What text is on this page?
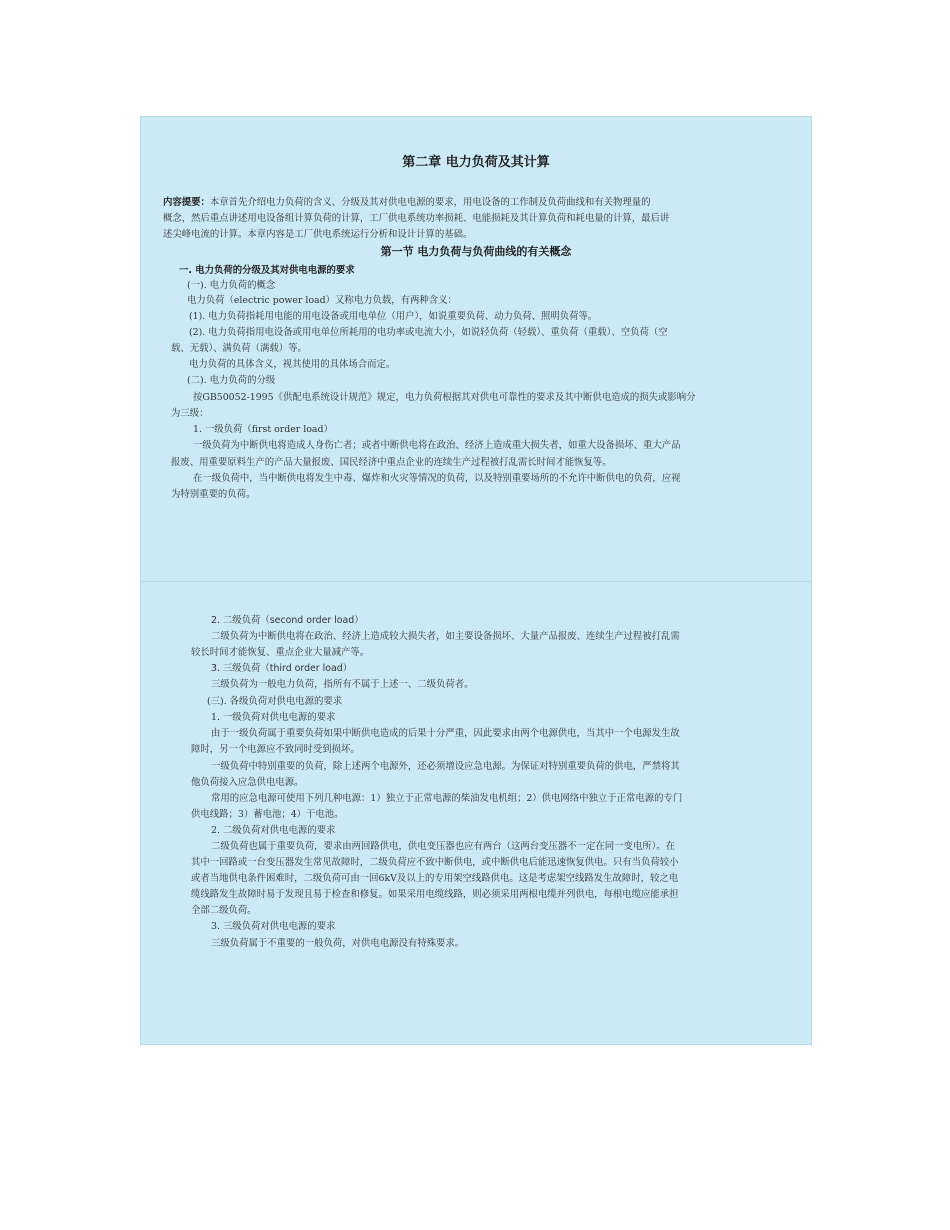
第二章 电力负荷及其计算
内容提要：本章首先介绍电力负荷的含义、分级及其对供电电源的要求，用电设备的工作制及负荷曲线和有关物理量的
概念，然后重点讲述用电设备组计算负荷的计算，工厂供电系统功率损耗、电能损耗及其计算负荷和耗电量的计算，最后讲
述尖峰电流的计算。本章内容是工厂供电系统运行分析和设计计算的基础。
第一节 电力负荷与负荷曲线的有关概念
一. 电力负荷的分级及其对供电电源的要求
(一). 电力负荷的概念
电力负荷（electric power load）又称电力负载，有两种含义：
(1). 电力负荷指耗用电能的用电设备或用电单位（用户），如说重要负荷、动力负荷、照明负荷等。
(2). 电力负荷指用电设备或用电单位所耗用的电功率或电流大小，如说轻负荷（轻载）、重负荷（重载）、空负荷（空
载、无载）、满负荷（满载）等。
电力负荷的具体含义，视其使用的具体场合而定。
(二). 电力负荷的分级
按GB50052-1995《供配电系统设计规范》规定，电力负荷根据其对供电可靠性的要求及其中断供电造成的损失或影响分
为三级：
1. 一级负荷（first order load）
一级负荷为中断供电将造成人身伤亡者；或者中断供电将在政治、经济上造成重大损失者，如重大设备损坏、重大产品
报废、用重要原料生产的产品大量报废、国民经济中重点企业的连续生产过程被打乱需长时间才能恢复等。
在一级负荷中，当中断供电将发生中毒、爆炸和火灾等情况的负荷，以及特别重要场所的不允许中断供电的负荷，应视
为特别重要的负荷。
2. 二级负荷（second order load）
二级负荷为中断供电将在政治、经济上造成较大损失者，如主要设备损坏、大量产品报废、连续生产过程被打乱需
较长时间才能恢复、重点企业大量减产等。
3. 三级负荷（third order load）
三级负荷为一般电力负荷，指所有不属于上述一、二级负荷者。
(三). 各级负荷对供电电源的要求
1. 一级负荷对供电电源的要求
由于一级负荷属于重要负荷如果中断供电造成的后果十分严重，因此要求由两个电源供电，当其中一个电源发生故
障时，另一个电源应不致同时受到损坏。
一级负荷中特别重要的负荷，除上述两个电源外，还必须增设应急电源。为保证对特别重要负荷的供电，严禁将其
他负荷接入应急供电电源。
常用的应急电源可使用下列几种电源：1）独立于正常电源的柴油发电机组；2）供电网络中独立于正常电源的专门
供电线路；3）蓄电池；4）干电池。
2. 二级负荷对供电电源的要求
二级负荷也属于重要负荷，要求由两回路供电，供电变压器也应有两台（这两台变压器不一定在同一变电所）。在
其中一回路或一台变压器发生常见故障时，二级负荷应不致中断供电，或中断供电后能迅速恢复供电。只有当负荷较小
或者当地供电条件困难时，二级负荷可由一回6kV及以上的专用架空线路供电。这是考虑架空线路发生故障时，较之电
缆线路发生故障时易于发现且易于检查和修复。如果采用电缆线路，则必须采用两根电缆并列供电，每根电缆应能承担
全部二级负荷。
3. 三级负荷对供电电源的要求
三级负荷属于不重要的一般负荷，对供电电源没有特殊要求。
